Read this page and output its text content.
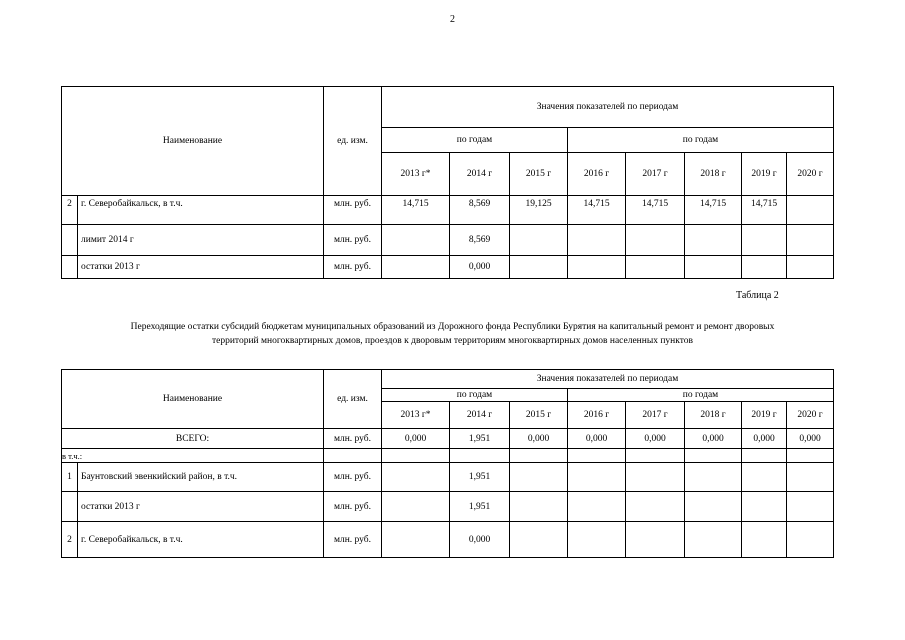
2
Наименование		ед. изм.	Значения показателей по периодам							
			по годам			по годам				
			2013 г*	2014 г	2015 г	2016 г	2017 г	2018 г	2019 г	2020 г
2	г. Северобайкальск, в т.ч.	млн. руб.	14,715	8,569	19,125	14,715	14,715	14,715	14,715	
	лимит 2014 г	млн. руб.		8,569						
	остатки 2013 г	млн. руб.		0,000						
Таблица 2
Переходящие остатки субсидий бюджетам муниципальных образований из Дорожного фонда Республики Бурятия на капитальный ремонт и ремонт дворовых
территорий многоквартирных домов, проездов к дворовым территориям многоквартирных домов населенных пунктов
Наименование		ед. изм.	Значения показателей по периодам							
			по годам			по годам				
			2013 г*	2014 г	2015 г	2016 г	2017 г	2018 г	2019 г	2020 г
ВСЕГО:		млн. руб.	0,000	1,951	0,000	0,000	0,000	0,000	0,000	0,000
в т.ч.:										
1	Баунтовский эвенкийский район, в т.ч.	млн. руб.		1,951						
	остатки 2013 г	млн. руб.		1,951						
2	г. Северобайкальск, в т.ч.	млн. руб.		0,000						
